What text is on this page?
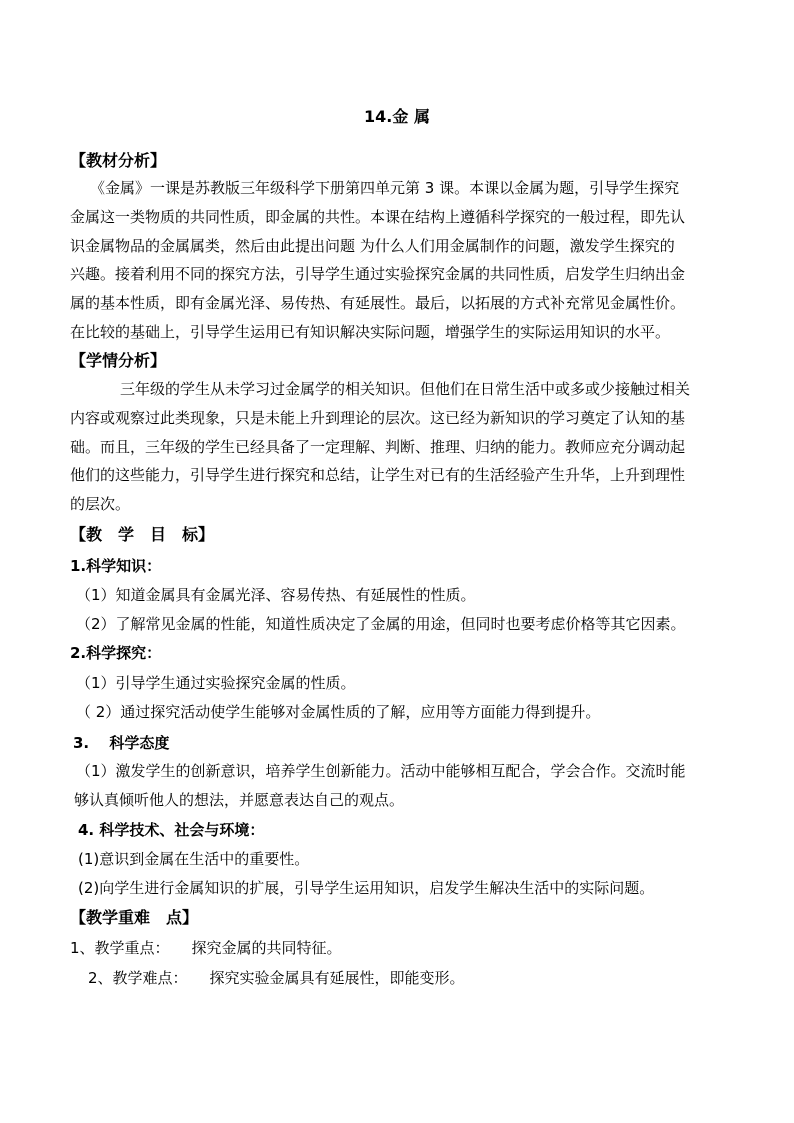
14.金 属
【教材分析】
《金属》一课是苏教版三年级科学下册第四单元第 3 课。本课以金属为题，引导学生探究
金属这一类物质的共同性质，即金属的共性。本课在结构上遵循科学探究的一般过程，即先认
识金属物品的金属属类，然后由此提出问题 为什么人们用金属制作的问题，激发学生探究的
兴趣。接着利用不同的探究方法，引导学生通过实验探究金属的共同性质，启发学生归纳出金
属的基本性质，即有金属光泽、易传热、有延展性。最后，以拓展的方式补充常见金属性价。
在比较的基础上，引导学生运用已有知识解决实际问题，增强学生的实际运用知识的水平。
【学情分析】
三年级的学生从未学习过金属学的相关知识。但他们在日常生活中或多或少接触过相关
内容或观察过此类现象，只是未能上升到理论的层次。这已经为新知识的学习奠定了认知的基
础。而且，三年级的学生已经具备了一定理解、判断、推理、归纳的能力。教师应充分调动起
他们的这些能力，引导学生进行探究和总结，让学生对已有的生活经验产生升华，上升到理性
的层次。
【教　学　目　标】
1.科学知识：
（1）知道金属具有金属光泽、容易传热、有延展性的性质。
（2）了解常见金属的性能，知道性质决定了金属的用途，但同时也要考虑价格等其它因素。
2.科学探究：
（1）引导学生通过实验探究金属的性质。
（ 2）通过探究活动使学生能够对金属性质的了解，应用等方面能力得到提升。
3.　 科学态度
（1）激发学生的创新意识，培养学生创新能力。活动中能够相互配合，学会合作。交流时能
够认真倾听他人的想法，并愿意表达自己的观点。
4. 科学技术、社会与环境：
(1)意识到金属在生活中的重要性。
(2)向学生进行金属知识的扩展，引导学生运用知识，启发学生解决生活中的实际问题。
【教学重难　点】
1、教学重点： 探究金属的共同特征。
2、教学难点： 探究实验金属具有延展性，即能变形。
